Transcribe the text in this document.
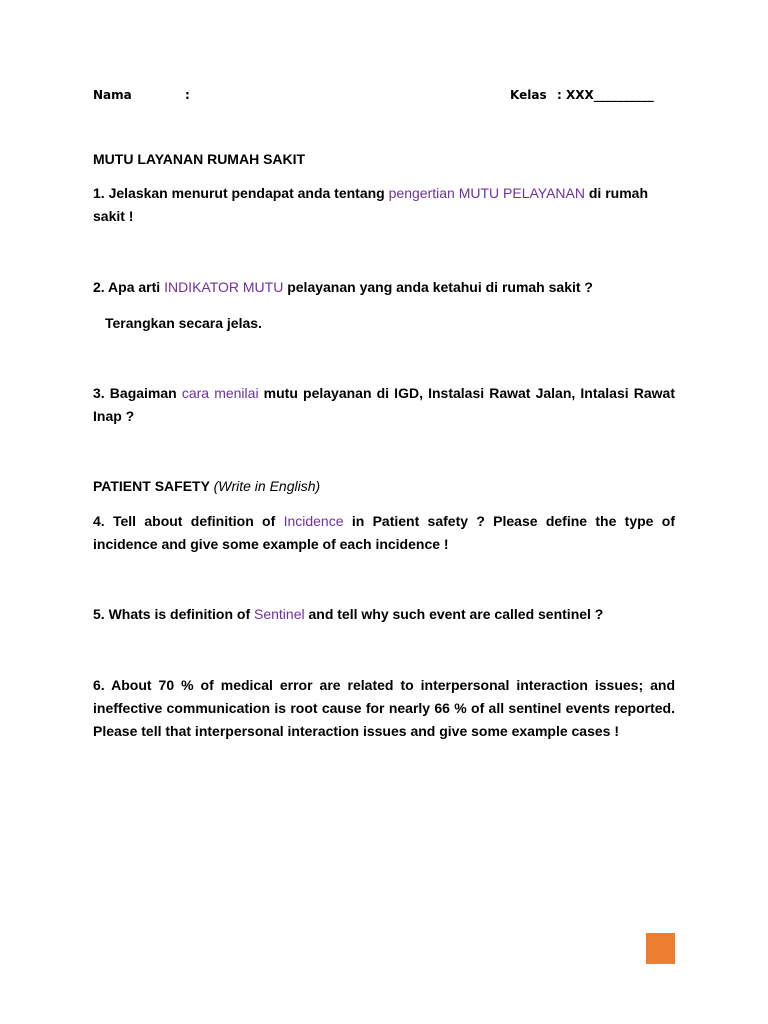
Nama	:	Kelas : XXX__________
MUTU LAYANAN RUMAH SAKIT
1. Jelaskan menurut pendapat anda tentang pengertian MUTU PELAYANAN di rumah sakit !
2. Apa arti INDIKATOR MUTU pelayanan yang anda ketahui di rumah sakit ?
Terangkan secara jelas.
3. Bagaiman cara menilai mutu pelayanan di IGD, Instalasi Rawat Jalan, Intalasi Rawat Inap ?
PATIENT SAFETY (Write in English)
4. Tell about definition of Incidence in Patient safety ? Please define the type of incidence and give some example of each incidence !
5. Whats is definition of Sentinel and tell why such event are called sentinel ?
6. About 70 % of medical error are related to interpersonal interaction issues; and ineffective communication is root cause for nearly 66 % of all sentinel events reported. Please tell that interpersonal interaction issues and give some example cases !
